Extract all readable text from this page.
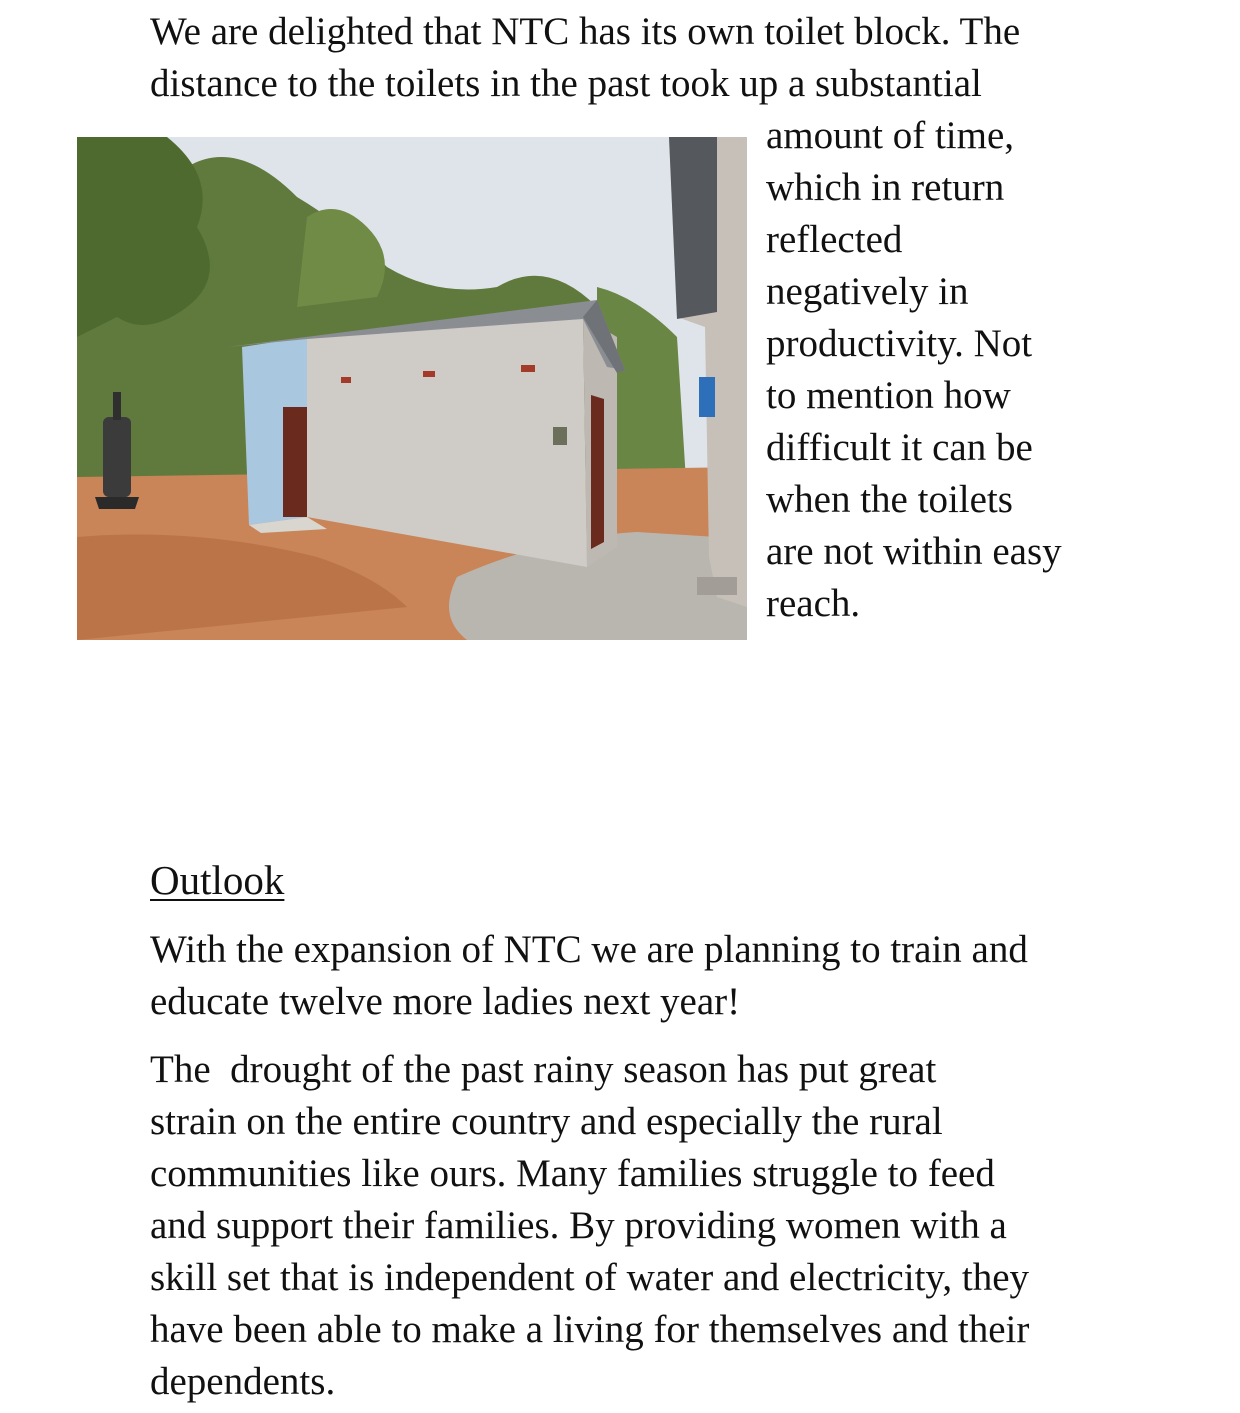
We are delighted that NTC has its own toilet block. The

distance to the toilets in the past took up a substantial

amount of time,

which in return

reflected

negatively in

productivity. Not

to mention how

difficult it can be

when the toilets

are not within easy

reach.

Outlook

With the expansion of NTC we are planning to train and

educate twelve more ladies next year!

The  drought of the past rainy season has put great

strain on the entire country and especially the rural

communities like ours. Many families struggle to feed

and support their families. By providing women with a

skill set that is independent of water and electricity, they

have been able to make a living for themselves and their

dependents.
